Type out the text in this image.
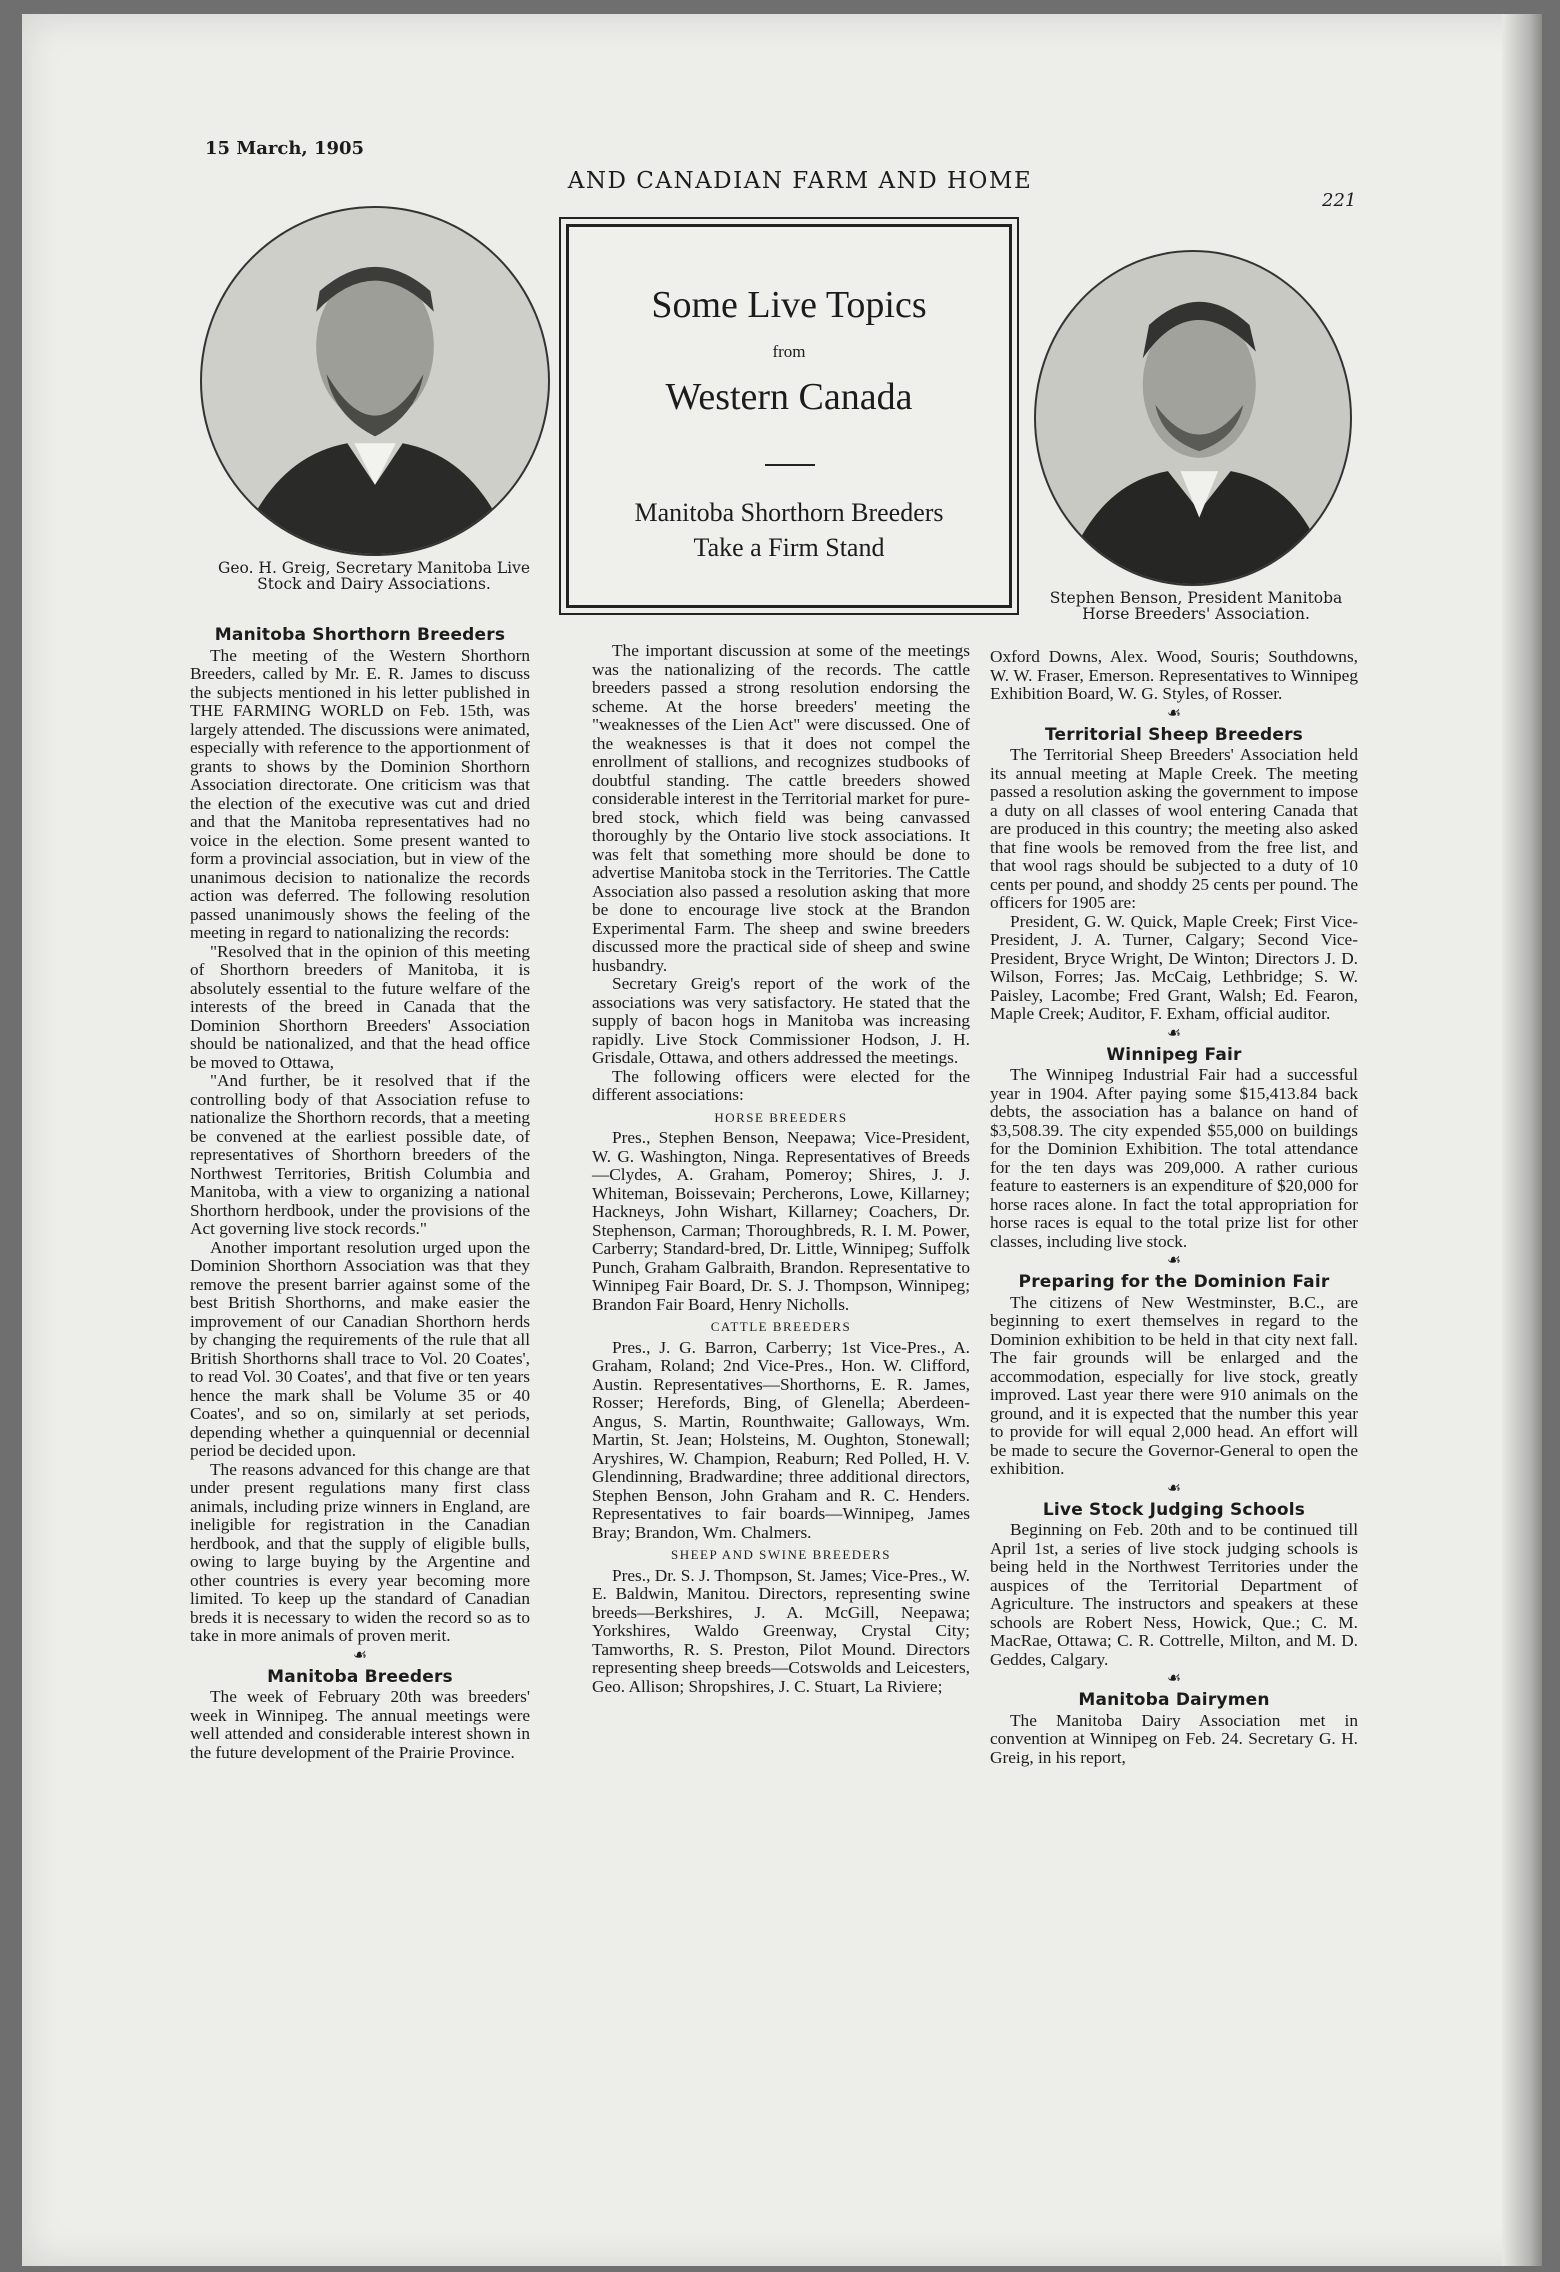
15 March, 1905
AND CANADIAN FARM AND HOME
221
Geo. H. Greig, Secretary Manitoba Live
Stock and Dairy Associations.
Some Live Topics
from
Western Canada
Manitoba Shorthorn Breeders
Take a Firm Stand
Stephen Benson, President Manitoba
Horse Breeders' Association.
Manitoba Shorthorn Breeders

The meeting of the Western Shorthorn Breeders, called by Mr. E. R. James to discuss the subjects mentioned in his letter published in THE FARMING WORLD on Feb. 15th, was largely attended. The discussions were animated, especially with reference to the apportionment of grants to shows by the Dominion Shorthorn Association directorate. One criticism was that the election of the executive was cut and dried and that the Manitoba representatives had no voice in the election. Some present wanted to form a provincial association, but in view of the unanimous decision to nationalize the records action was deferred. The following resolution passed unanimously shows the feeling of the meeting in regard to nationalizing the records:

"Resolved that in the opinion of this meeting of Shorthorn breeders of Manitoba, it is absolutely essential to the future welfare of the interests of the breed in Canada that the Dominion Shorthorn Breeders' Association should be nationalized, and that the head office be moved to Ottawa,

"And further, be it resolved that if the controlling body of that Association refuse to nationalize the Shorthorn records, that a meeting be convened at the earliest possible date, of representatives of Shorthorn breeders of the Northwest Territories, British Columbia and Manitoba, with a view to organizing a national Shorthorn herdbook, under the provisions of the Act governing live stock records."

Another important resolution urged upon the Dominion Shorthorn Association was that they remove the present barrier against some of the best British Shorthorns, and make easier the improvement of our Canadian Shorthorn herds by changing the requirements of the rule that all British Shorthorns shall trace to Vol. 20 Coates', to read Vol. 30 Coates', and that five or ten years hence the mark shall be Volume 35 or 40 Coates', and so on, similarly at set periods, depending whether a quinquennial or decennial period be decided upon.

The reasons advanced for this change are that under present regulations many first class animals, including prize winners in England, are ineligible for registration in the Canadian herdbook, and that the supply of eligible bulls, owing to large buying by the Argentine and other countries is every year becoming more limited. To keep up the standard of Canadian breds it is necessary to widen the record so as to take in more animals of proven merit.

☙
Manitoba Breeders

The week of February 20th was breeders' week in Winnipeg. The annual meetings were well attended and considerable interest shown in the future development of the Prairie Province.

The important discussion at some of the meetings was the nationalizing of the records. The cattle breeders passed a strong resolution endorsing the scheme. At the horse breeders' meeting the "weaknesses of the Lien Act" were discussed. One of the weaknesses is that it does not compel the enrollment of stallions, and recognizes studbooks of doubtful standing. The cattle breeders showed considerable interest in the Territorial market for pure-bred stock, which field was being canvassed thoroughly by the Ontario live stock associations. It was felt that something more should be done to advertise Manitoba stock in the Territories. The Cattle Association also passed a resolution asking that more be done to encourage live stock at the Brandon Experimental Farm. The sheep and swine breeders discussed more the practical side of sheep and swine husbandry.

Secretary Greig's report of the work of the associations was very satisfactory. He stated that the supply of bacon hogs in Manitoba was increasing rapidly. Live Stock Commissioner Hodson, J. H. Grisdale, Ottawa, and others addressed the meetings.

The following officers were elected for the different associations:

HORSE BREEDERS

Pres., Stephen Benson, Neepawa; Vice-President, W. G. Washington, Ninga. Representatives of Breeds —Clydes, A. Graham, Pomeroy; Shires, J. J. Whiteman, Boissevain; Percherons, Lowe, Killarney; Hackneys, John Wishart, Killarney; Coachers, Dr. Stephenson, Carman; Thoroughbreds, R. I. M. Power, Carberry; Standard-bred, Dr. Little, Winnipeg; Suffolk Punch, Graham Galbraith, Brandon. Representative to Winnipeg Fair Board, Dr. S. J. Thompson, Winnipeg; Brandon Fair Board, Henry Nicholls.

CATTLE BREEDERS

Pres., J. G. Barron, Carberry; 1st Vice-Pres., A. Graham, Roland; 2nd Vice-Pres., Hon. W. Clifford, Austin. Representatives—Shorthorns, E. R. James, Rosser; Herefords, Bing, of Glenella; Aberdeen-Angus, S. Martin, Rounthwaite; Galloways, Wm. Martin, St. Jean; Holsteins, M. Oughton, Stonewall; Aryshires, W. Champion, Reaburn; Red Polled, H. V. Glendinning, Bradwardine; three additional directors, Stephen Benson, John Graham and R. C. Henders. Representatives to fair boards—Winnipeg, James Bray; Brandon, Wm. Chalmers.

SHEEP AND SWINE BREEDERS

Pres., Dr. S. J. Thompson, St. James; Vice-Pres., W. E. Baldwin, Manitou. Directors, representing swine breeds—Berkshires, J. A. McGill, Neepawa; Yorkshires, Waldo Greenway, Crystal City; Tamworths, R. S. Preston, Pilot Mound. Directors representing sheep breeds—Cotswolds and Leicesters, Geo. Allison; Shropshires, J. C. Stuart, La Riviere;

Oxford Downs, Alex. Wood, Souris; Southdowns, W. W. Fraser, Emerson. Representatives to Winnipeg Exhibition Board, W. G. Styles, of Rosser.

☙
Territorial Sheep Breeders

The Territorial Sheep Breeders' Association held its annual meeting at Maple Creek. The meeting passed a resolution asking the government to impose a duty on all classes of wool entering Canada that are produced in this country; the meeting also asked that fine wools be removed from the free list, and that wool rags should be subjected to a duty of 10 cents per pound, and shoddy 25 cents per pound. The officers for 1905 are:

President, G. W. Quick, Maple Creek; First Vice-President, J. A. Turner, Calgary; Second Vice-President, Bryce Wright, De Winton; Directors J. D. Wilson, Forres; Jas. McCaig, Lethbridge; S. W. Paisley, Lacombe; Fred Grant, Walsh; Ed. Fearon, Maple Creek; Auditor, F. Exham, official auditor.

☙
Winnipeg Fair

The Winnipeg Industrial Fair had a successful year in 1904. After paying some $15,413.84 back debts, the association has a balance on hand of $3,508.39. The city expended $55,000 on buildings for the Dominion Exhibition. The total attendance for the ten days was 209,000. A rather curious feature to easterners is an expenditure of $20,000 for horse races alone. In fact the total appropriation for horse races is equal to the total prize list for other classes, including live stock.

☙
Preparing for the Dominion Fair

The citizens of New Westminster, B.C., are beginning to exert themselves in regard to the Dominion exhibition to be held in that city next fall. The fair grounds will be enlarged and the accommodation, especially for live stock, greatly improved. Last year there were 910 animals on the ground, and it is expected that the number this year to provide for will equal 2,000 head. An effort will be made to secure the Governor-General to open the exhibition.

☙
Live Stock Judging Schools

Beginning on Feb. 20th and to be continued till April 1st, a series of live stock judging schools is being held in the Northwest Territories under the auspices of the Territorial Department of Agriculture. The instructors and speakers at these schools are Robert Ness, Howick, Que.; C. M. MacRae, Ottawa; C. R. Cottrelle, Milton, and M. D. Geddes, Calgary.

☙
Manitoba Dairymen

The Manitoba Dairy Association met in convention at Winnipeg on Feb. 24. Secretary G. H. Greig, in his report,
